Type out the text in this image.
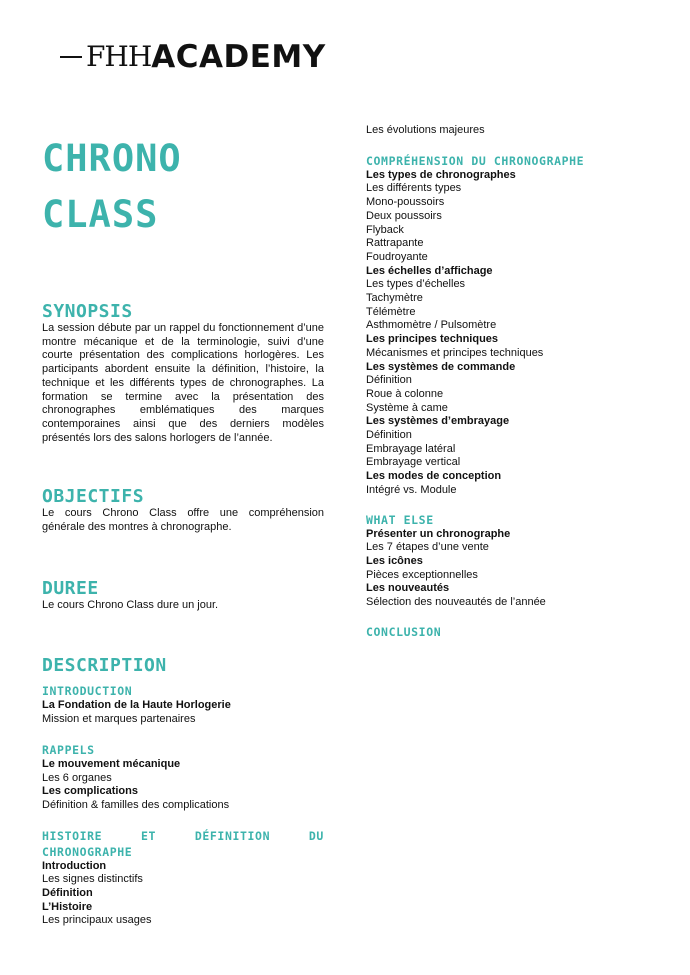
FHH ACADEMY

CHRONO

CLASS

SYNOPSIS

La session débute par un rappel du fonctionnement d’une montre mécanique et de la terminologie, suivi d’une courte présentation des complications horlogères. Les participants abordent ensuite la définition, l’histoire, la technique et les différents types de chronographes. La formation se termine avec la présentation des chronographes emblématiques des marques contemporaines ainsi que des derniers modèles présentés lors des salons horlogers de l’année.

OBJECTIFS

Le cours Chrono Class offre une compréhension générale des montres à chronographe.

DUREE

Le cours Chrono Class dure un jour.

DESCRIPTION

INTRODUCTION

La Fondation de la Haute Horlogerie

Mission et marques partenaires

RAPPELS

Le mouvement mécanique

Les 6 organes

Les complications

Définition & familles des complications

HISTOIRE	ET	DÉFINITION	DU

CHRONOGRAPHE

Introduction

Les signes distinctifs

Définition

L’Histoire

Les principaux usages

Les évolutions majeures

COMPRÉHENSION DU CHRONOGRAPHE

Les types de chronographes

Les différents types

Mono-poussoirs

Deux poussoirs

Flyback

Rattrapante

Foudroyante

Les échelles d’affichage

Les types d’échelles

Tachymètre

Télémètre

Asthmomètre / Pulsomètre

Les principes techniques

Mécanismes et principes techniques

Les systèmes de commande

Définition

Roue à colonne

Système à came

Les systèmes d’embrayage

Définition

Embrayage latéral

Embrayage vertical

Les modes de conception

Intégré vs. Module

WHAT ELSE

Présenter un chronographe

Les 7 étapes d’une vente

Les icônes

Pièces exceptionnelles

Les nouveautés

Sélection des nouveautés de l’année

CONCLUSION
